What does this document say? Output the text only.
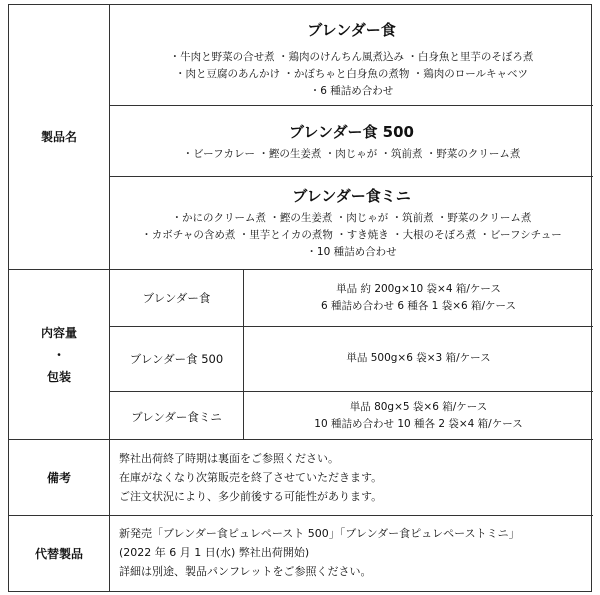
製品名
ブレンダー食
・牛肉と野菜の合せ煮 ・鶏肉のけんちん風煮込み ・白身魚と里芋のそぼろ煮
・肉と豆腐のあんかけ ・かぼちゃと白身魚の煮物 ・鶏肉のロールキャベツ
・6 種詰め合わせ
ブレンダー食 500
・ビーフカレー ・鰹の生姜煮 ・肉じゃが ・筑前煮 ・野菜のクリーム煮
ブレンダー食ミニ
・かにのクリーム煮 ・鰹の生姜煮 ・肉じゃが ・筑前煮 ・野菜のクリーム煮
・カボチャの含め煮 ・里芋とイカの煮物 ・すき焼き ・大根のそぼろ煮 ・ビーフシチュー
・10 種詰め合わせ
内容量
・
包装
ブレンダー食
単品 約 200g×10 袋×4 箱/ケース
6 種詰め合わせ 6 種各 1 袋×6 箱/ケース
ブレンダー食 500	単品 500g×6 袋×3 箱/ケース
ブレンダー食ミニ
単品 80g×5 袋×6 箱/ケース
10 種詰め合わせ 10 種各 2 袋×4 箱/ケース
備考
弊社出荷終了時期は裏面をご参照ください。
在庫がなくなり次第販売を終了させていただきます。
ご注文状況により、多少前後する可能性があります。
代替製品
新発売「ブレンダー食ピュレペースト 500」「ブレンダー食ピュレペーストミニ」
(2022 年 6 月 1 日(水) 弊社出荷開始)
詳細は別途、製品パンフレットをご参照ください。
